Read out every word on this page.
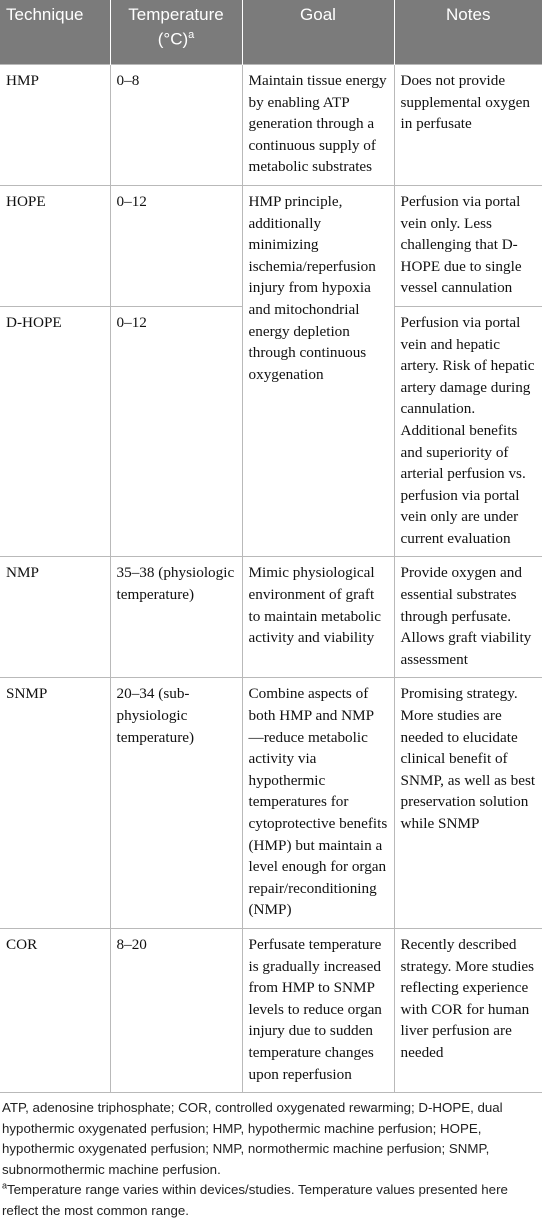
Technique	Temperature $(^\circ C)^a$	Goal	Notes
HMP	0–8	Maintain tissue energy by enabling ATP generation through a continuous supply of metabolic substrates	Does not provide supplemental oxygen in perfusate
HOPE	0–12	HMP principle, additionally minimizing ischemia/reperfusion injury from hypoxia and mitochondrial energy depletion through continuous oxygenation	Perfusion via portal vein only. Less challenging that D-HOPE due to single vessel cannulation
D-HOPE	0–12		Perfusion via portal vein and hepatic artery. Risk of hepatic artery damage during cannulation. Additional benefits and superiority of arterial perfusion vs. perfusion via portal vein only are under current evaluation
NMP	35–38 (physiologic temperature)	Mimic physiological environment of graft to maintain metabolic activity and viability	Provide oxygen and essential substrates through perfusate. Allows graft viability assessment
SNMP	20–34 (sub-physiologic temperature)	Combine aspects of both HMP and NMP—reduce metabolic activity via hypothermic temperatures for cytoprotective benefits (HMP) but maintain a level enough for organ repair/reconditioning (NMP)	Promising strategy. More studies are needed to elucidate clinical benefit of SNMP, as well as best preservation solution while SNMP
COR	8–20	Perfusate temperature is gradually increased from HMP to SNMP levels to reduce organ injury due to sudden temperature changes upon reperfusion	Recently described strategy. More studies reflecting experience with COR for human liver perfusion are needed

ATP, adenosine triphosphate; COR, controlled oxygenated rewarming; D-HOPE, dual hypothermic oxygenated perfusion; HMP, hypothermic machine perfusion; HOPE, hypothermic oxygenated perfusion; NMP, normothermic machine perfusion; SNMP, subnormothermic machine perfusion.

$^a$Temperature range varies within devices/studies. Temperature values presented here reflect the most common range.
